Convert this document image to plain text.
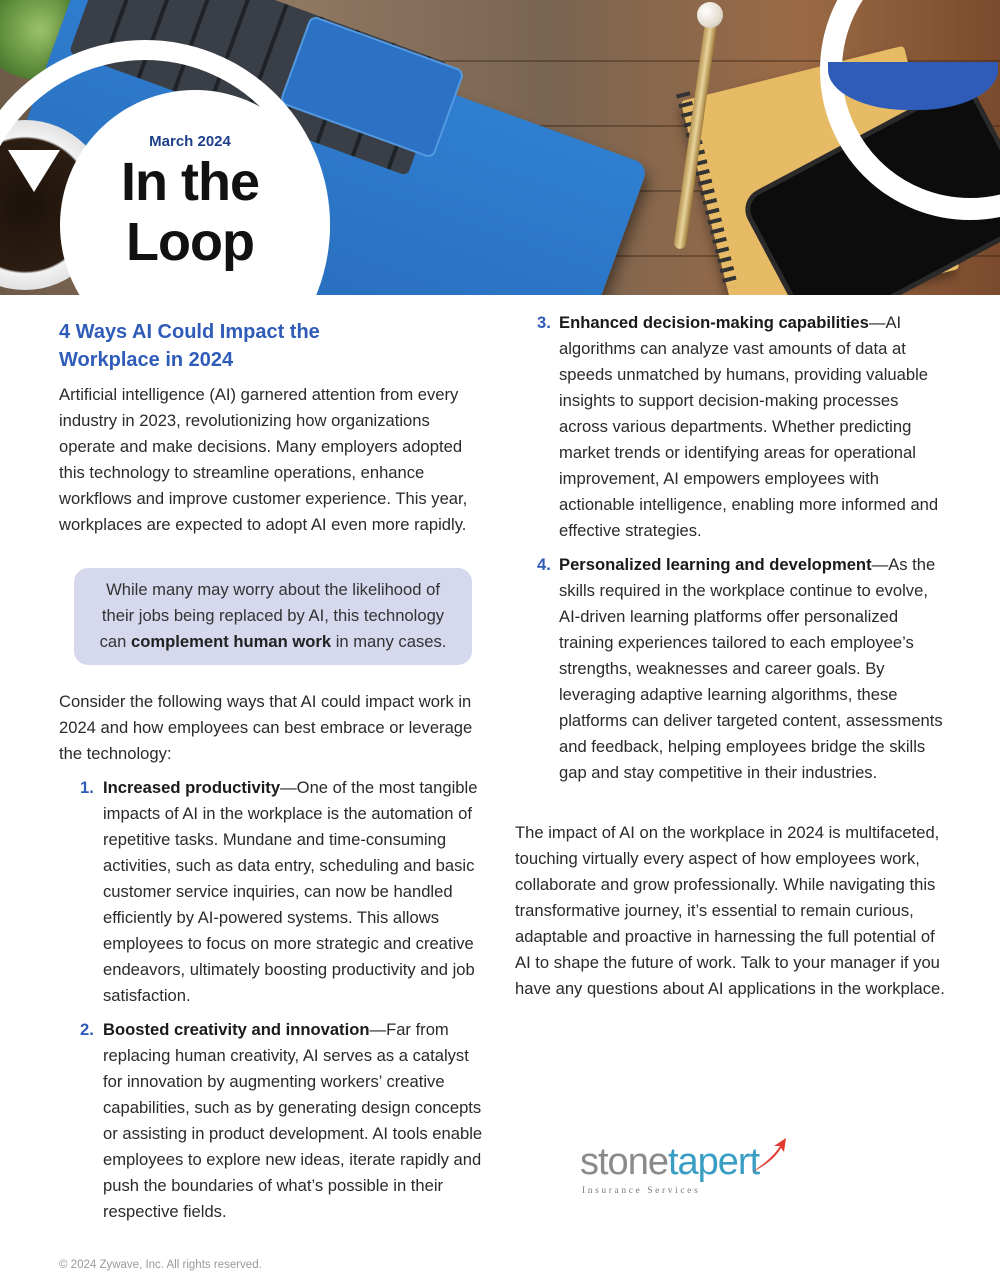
March 2024
In the
Loop
4 Ways AI Could Impact the Workplace in 2024

Artificial intelligence (AI) garnered attention from every industry in 2023, revolutionizing how organizations operate and make decisions. Many employers adopted this technology to streamline operations, enhance workflows and improve customer experience. This year, workplaces are expected to adopt AI even more rapidly.

While many may worry about the likelihood of their jobs being replaced by AI, this technology can complement human work in many cases.

Consider the following ways that AI could impact work in 2024 and how employees can best embrace or leverage the technology:

1. Increased productivity—One of the most tangible impacts of AI in the workplace is the automation of repetitive tasks. Mundane and time-consuming activities, such as data entry, scheduling and basic customer service inquiries, can now be handled efficiently by AI-powered systems. This allows employees to focus on more strategic and creative endeavors, ultimately boosting productivity and job satisfaction.
2. Boosted creativity and innovation—Far from replacing human creativity, AI serves as a catalyst for innovation by augmenting workers’ creative capabilities, such as by generating design concepts or assisting in product development. AI tools enable employees to explore new ideas, iterate rapidly and push the boundaries of what’s possible in their respective fields.
3. Enhanced decision-making capabilities—AI algorithms can analyze vast amounts of data at speeds unmatched by humans, providing valuable insights to support decision-making processes across various departments. Whether predicting market trends or identifying areas for operational improvement, AI empowers employees with actionable intelligence, enabling more informed and effective strategies.
4. Personalized learning and development—As the skills required in the workplace continue to evolve, AI-driven learning platforms offer personalized training experiences tailored to each employee’s strengths, weaknesses and career goals. By leveraging adaptive learning algorithms, these platforms can deliver targeted content, assessments and feedback, helping employees bridge the skills gap and stay competitive in their industries.

The impact of AI on the workplace in 2024 is multifaceted, touching virtually every aspect of how employees work, collaborate and grow professionally. While navigating this transformative journey, it’s essential to remain curious, adaptable and proactive in harnessing the full potential of AI to shape the future of work. Talk to your manager if you have any questions about AI applications in the workplace.

stonetapert
Insurance Services
© 2024 Zywave, Inc. All rights reserved.
